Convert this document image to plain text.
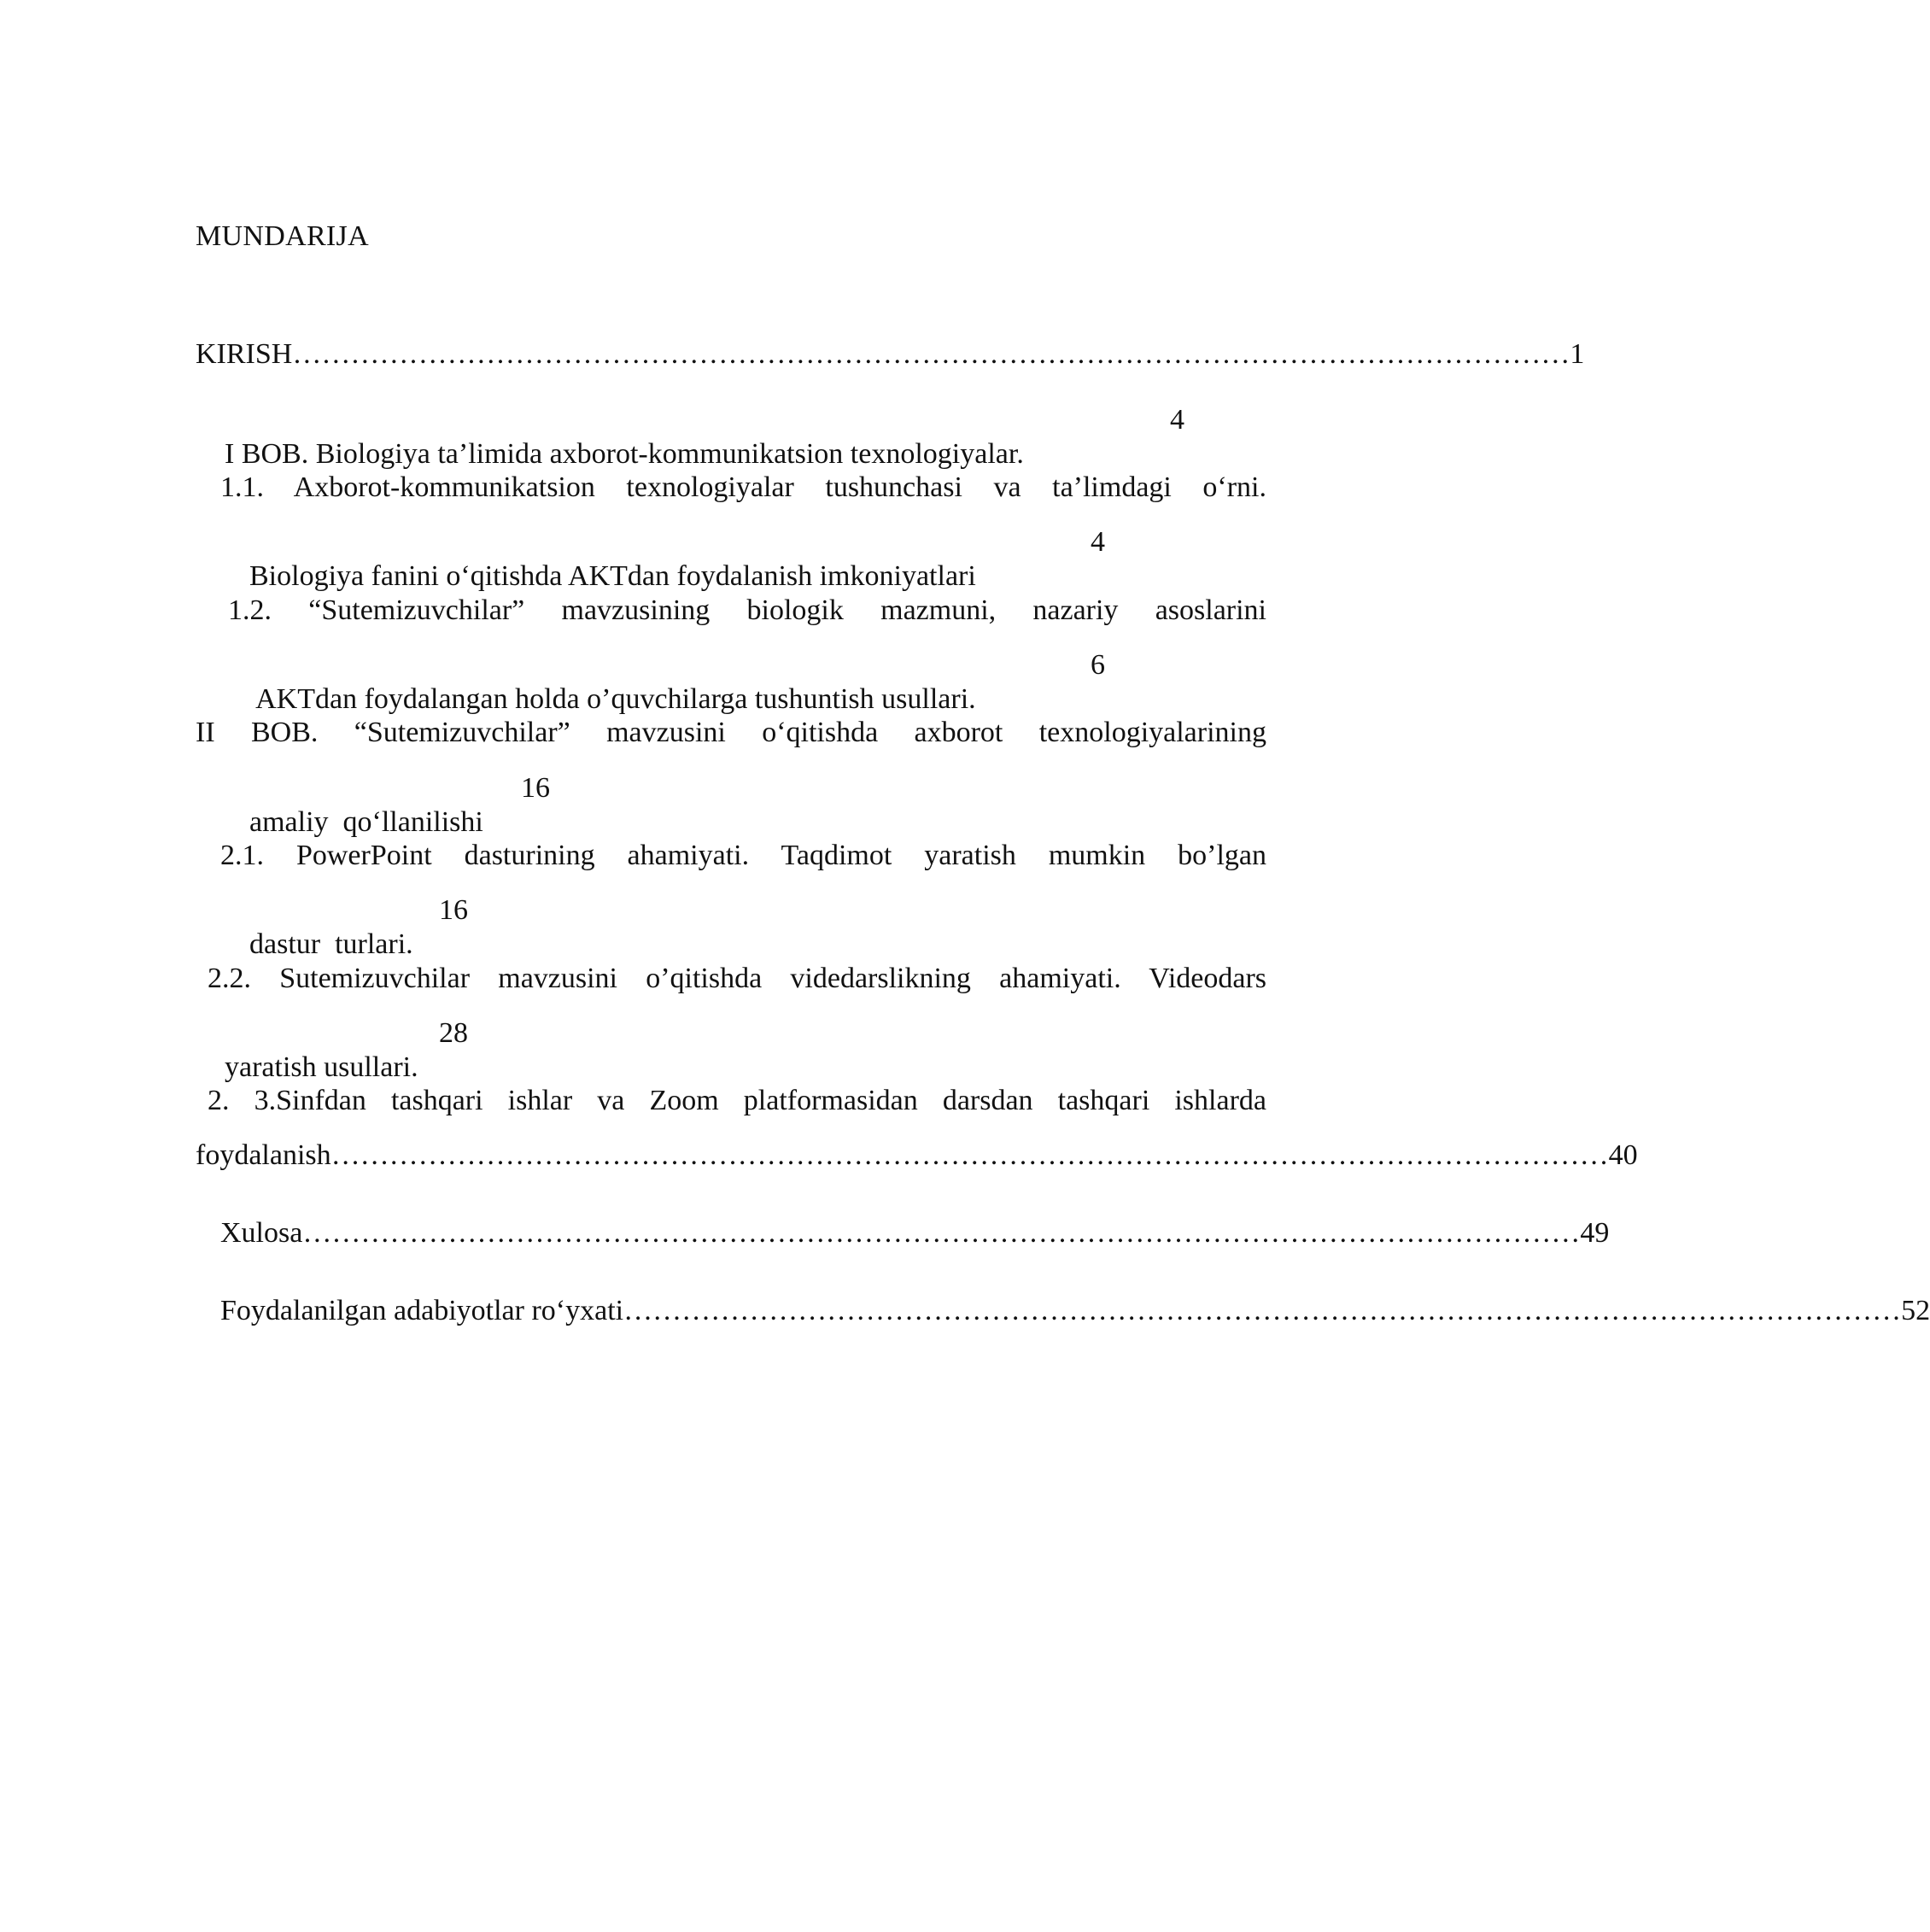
MUNDARIJA
KIRISH …………………………………………………………………………………………………………………… 1

I BOB. Biologiya ta’limida axborot-kommunikatsion texnologiyalar.

4
1.1. Axborot-kommunikatsion texnologiyalar tushunchasi va ta’limdagi o‘rni.

Biologiya fanini o‘qitishda AKTdan foydalanish imkoniyatlari

4
1.2. “Sutemizuvchilar” mavzusining biologik mazmuni, nazariy asoslarini

AKTdan foydalangan holda o’quvchilarga tushuntish usullari.

6
II BOB. “Sutemizuvchilar” mavzusini o‘qitishda axborot texnologiyalarining

amaliy  qo‘llanilishi

16
2.1. PowerPoint dasturining ahamiyati. Taqdimot yaratish mumkin bo’lgan

dastur  turlari.

16
2.2. Sutemizuvchilar mavzusini o’qitishda videdarslikning ahamiyati. Videodars

yaratish usullari.

28
2. 3.Sinfdan tashqari ishlar va Zoom platformasidan darsdan tashqari ishlarda
foydalanish …………………………………………………………………………………………………………………… 40
Xulosa …………………………………………………………………………………………………………………… 49
Foydalanilgan adabiyotlar ro‘yxati …………………………………………………………………………………………………………………… 52
